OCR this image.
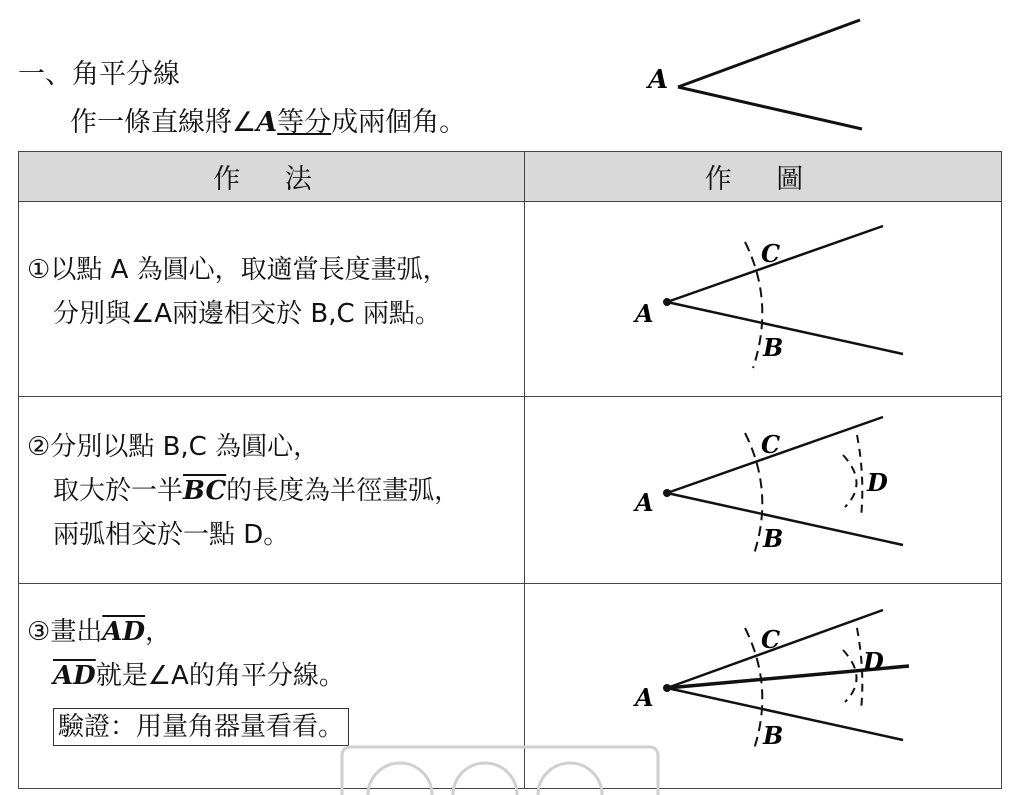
一、角平分線
作一條直線將∠A等分成兩個角。
A
作 法	作 圖

①以點 A 為圓心，取適當長度畫弧，
分別與∠A兩邊相交於 B,C 兩點。	A
C
B

②分別以點 B,C 為圓心，
取大於一半$\overline{BC}$的長度為半徑畫弧，
兩弧相交於一點 D。	A
C
B
D

③畫出$\overline{AD}$，
$\overline{AD}$就是∠A的角平分線。
驗證：用量角器量看看。	A
C
B
D
